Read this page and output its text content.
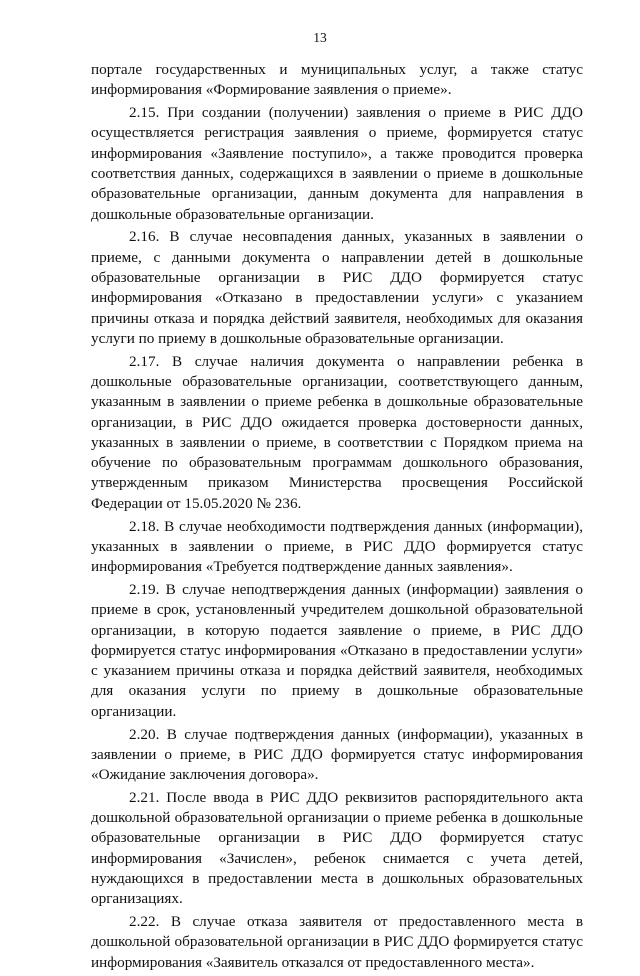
13

порталe государственных и муниципальных услуг, а также статус информирования «Формирование заявления о приеме».

2.15. При создании (получении) заявления о приеме в РИС ДДО осуществляется регистрация заявления о приеме, формируется статус информирования «Заявление поступило», а также проводится проверка соответствия данных, содержащихся в заявлении о приеме в дошкольные образовательные организации, данным документа для направления в дошкольные образовательные организации.

2.16. В случае несовпадения данных, указанных в заявлении о приеме, с данными документа о направлении детей в дошкольные образовательные организации в РИС ДДО формируется статус информирования «Отказано в предоставлении услуги» с указанием причины отказа и порядка действий заявителя, необходимых для оказания услуги по приему в дошкольные образовательные организации.

2.17. В случае наличия документа о направлении ребенка в дошкольные образовательные организации, соответствующего данным, указанным в заявлении о приеме ребенка в дошкольные образовательные организации, в РИС ДДО ожидается проверка достоверности данных, указанных в заявлении о приеме, в соответствии с Порядком приема на обучение по образовательным программам дошкольного образования, утвержденным приказом Министерства просвещения Российской Федерации от 15.05.2020 № 236.

2.18. В случае необходимости подтверждения данных (информации), указанных в заявлении о приеме, в РИС ДДО формируется статус информирования «Требуется подтверждение данных заявления».

2.19. В случае неподтверждения данных (информации) заявления о приеме в срок, установленный учредителем дошкольной образовательной организации, в которую подается заявление о приеме, в РИС ДДО формируется статус информирования «Отказано в предоставлении услуги» с указанием причины отказа и порядка действий заявителя, необходимых для оказания услуги по приему в дошкольные образовательные организации.

2.20. В случае подтверждения данных (информации), указанных в заявлении о приеме, в РИС ДДО формируется статус информирования «Ожидание заключения договора».

2.21. После ввода в РИС ДДО реквизитов распорядительного акта дошкольной образовательной организации о приеме ребенка в дошкольные образовательные организации в РИС ДДО формируется статус информирования «Зачислен», ребенок снимается с учета детей, нуждающихся в предоставлении места в дошкольных образовательных организациях.

2.22. В случае отказа заявителя от предоставленного места в дошкольной образовательной организации в РИС ДДО формируется статус информирования «Заявитель отказался от предоставленного места».
